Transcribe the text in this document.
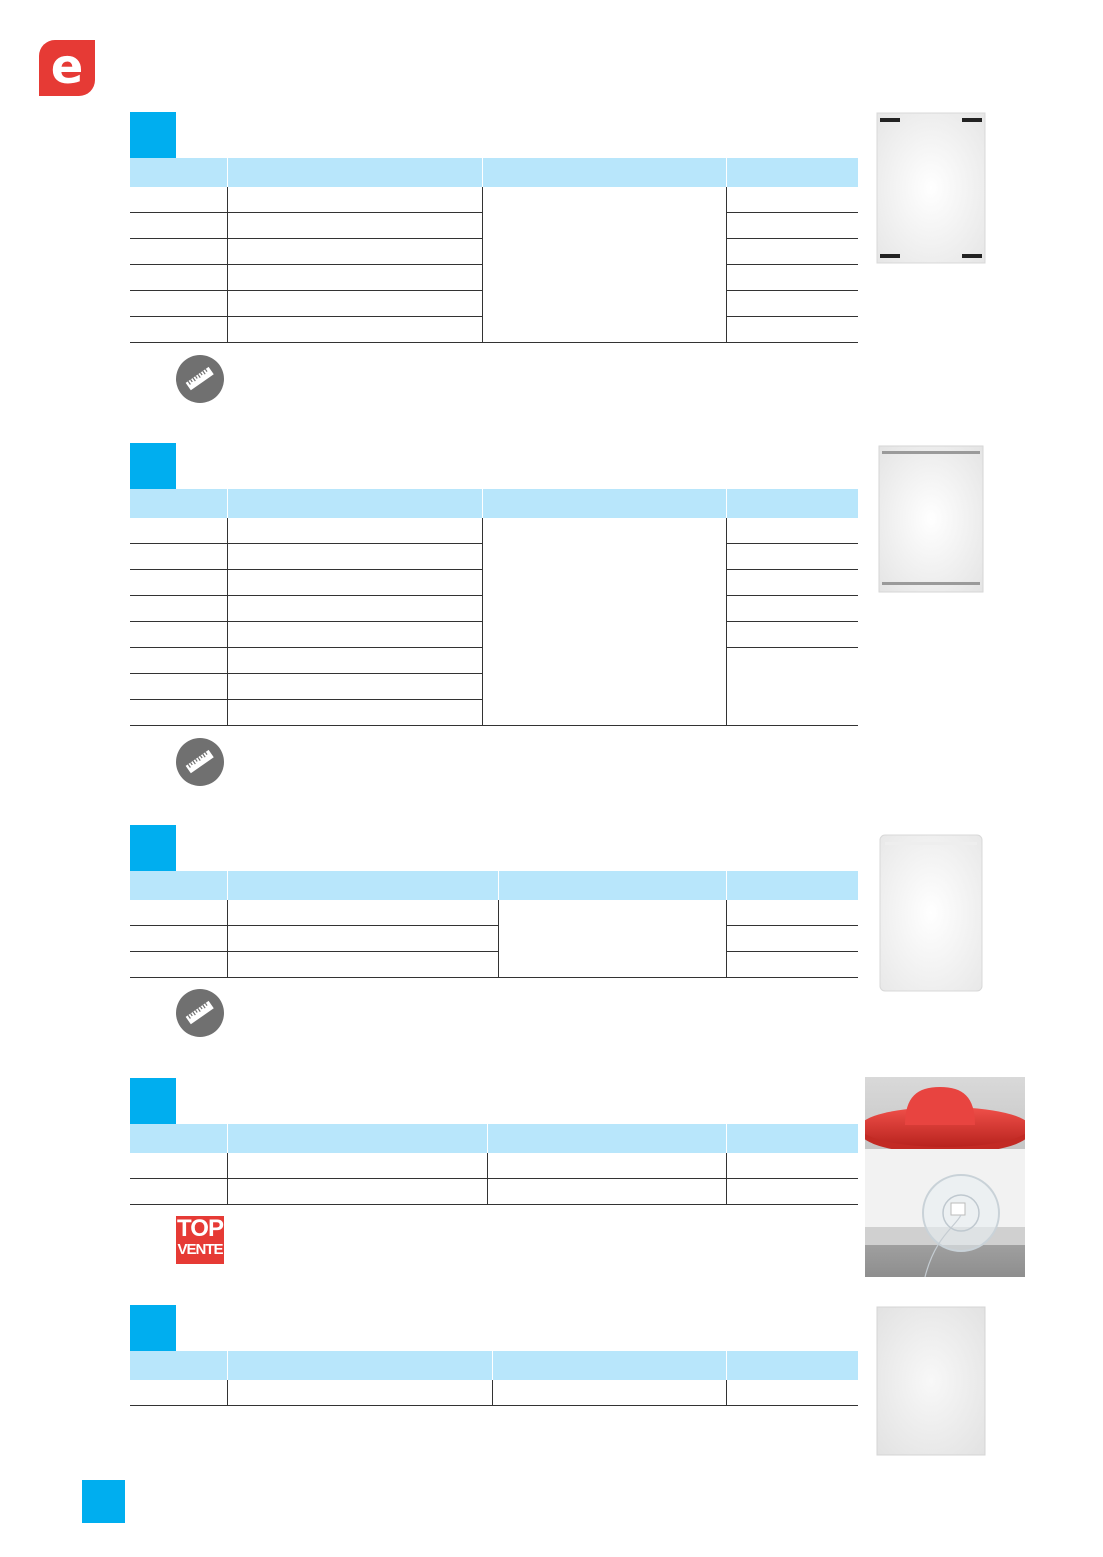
e

TOP
VENTE
